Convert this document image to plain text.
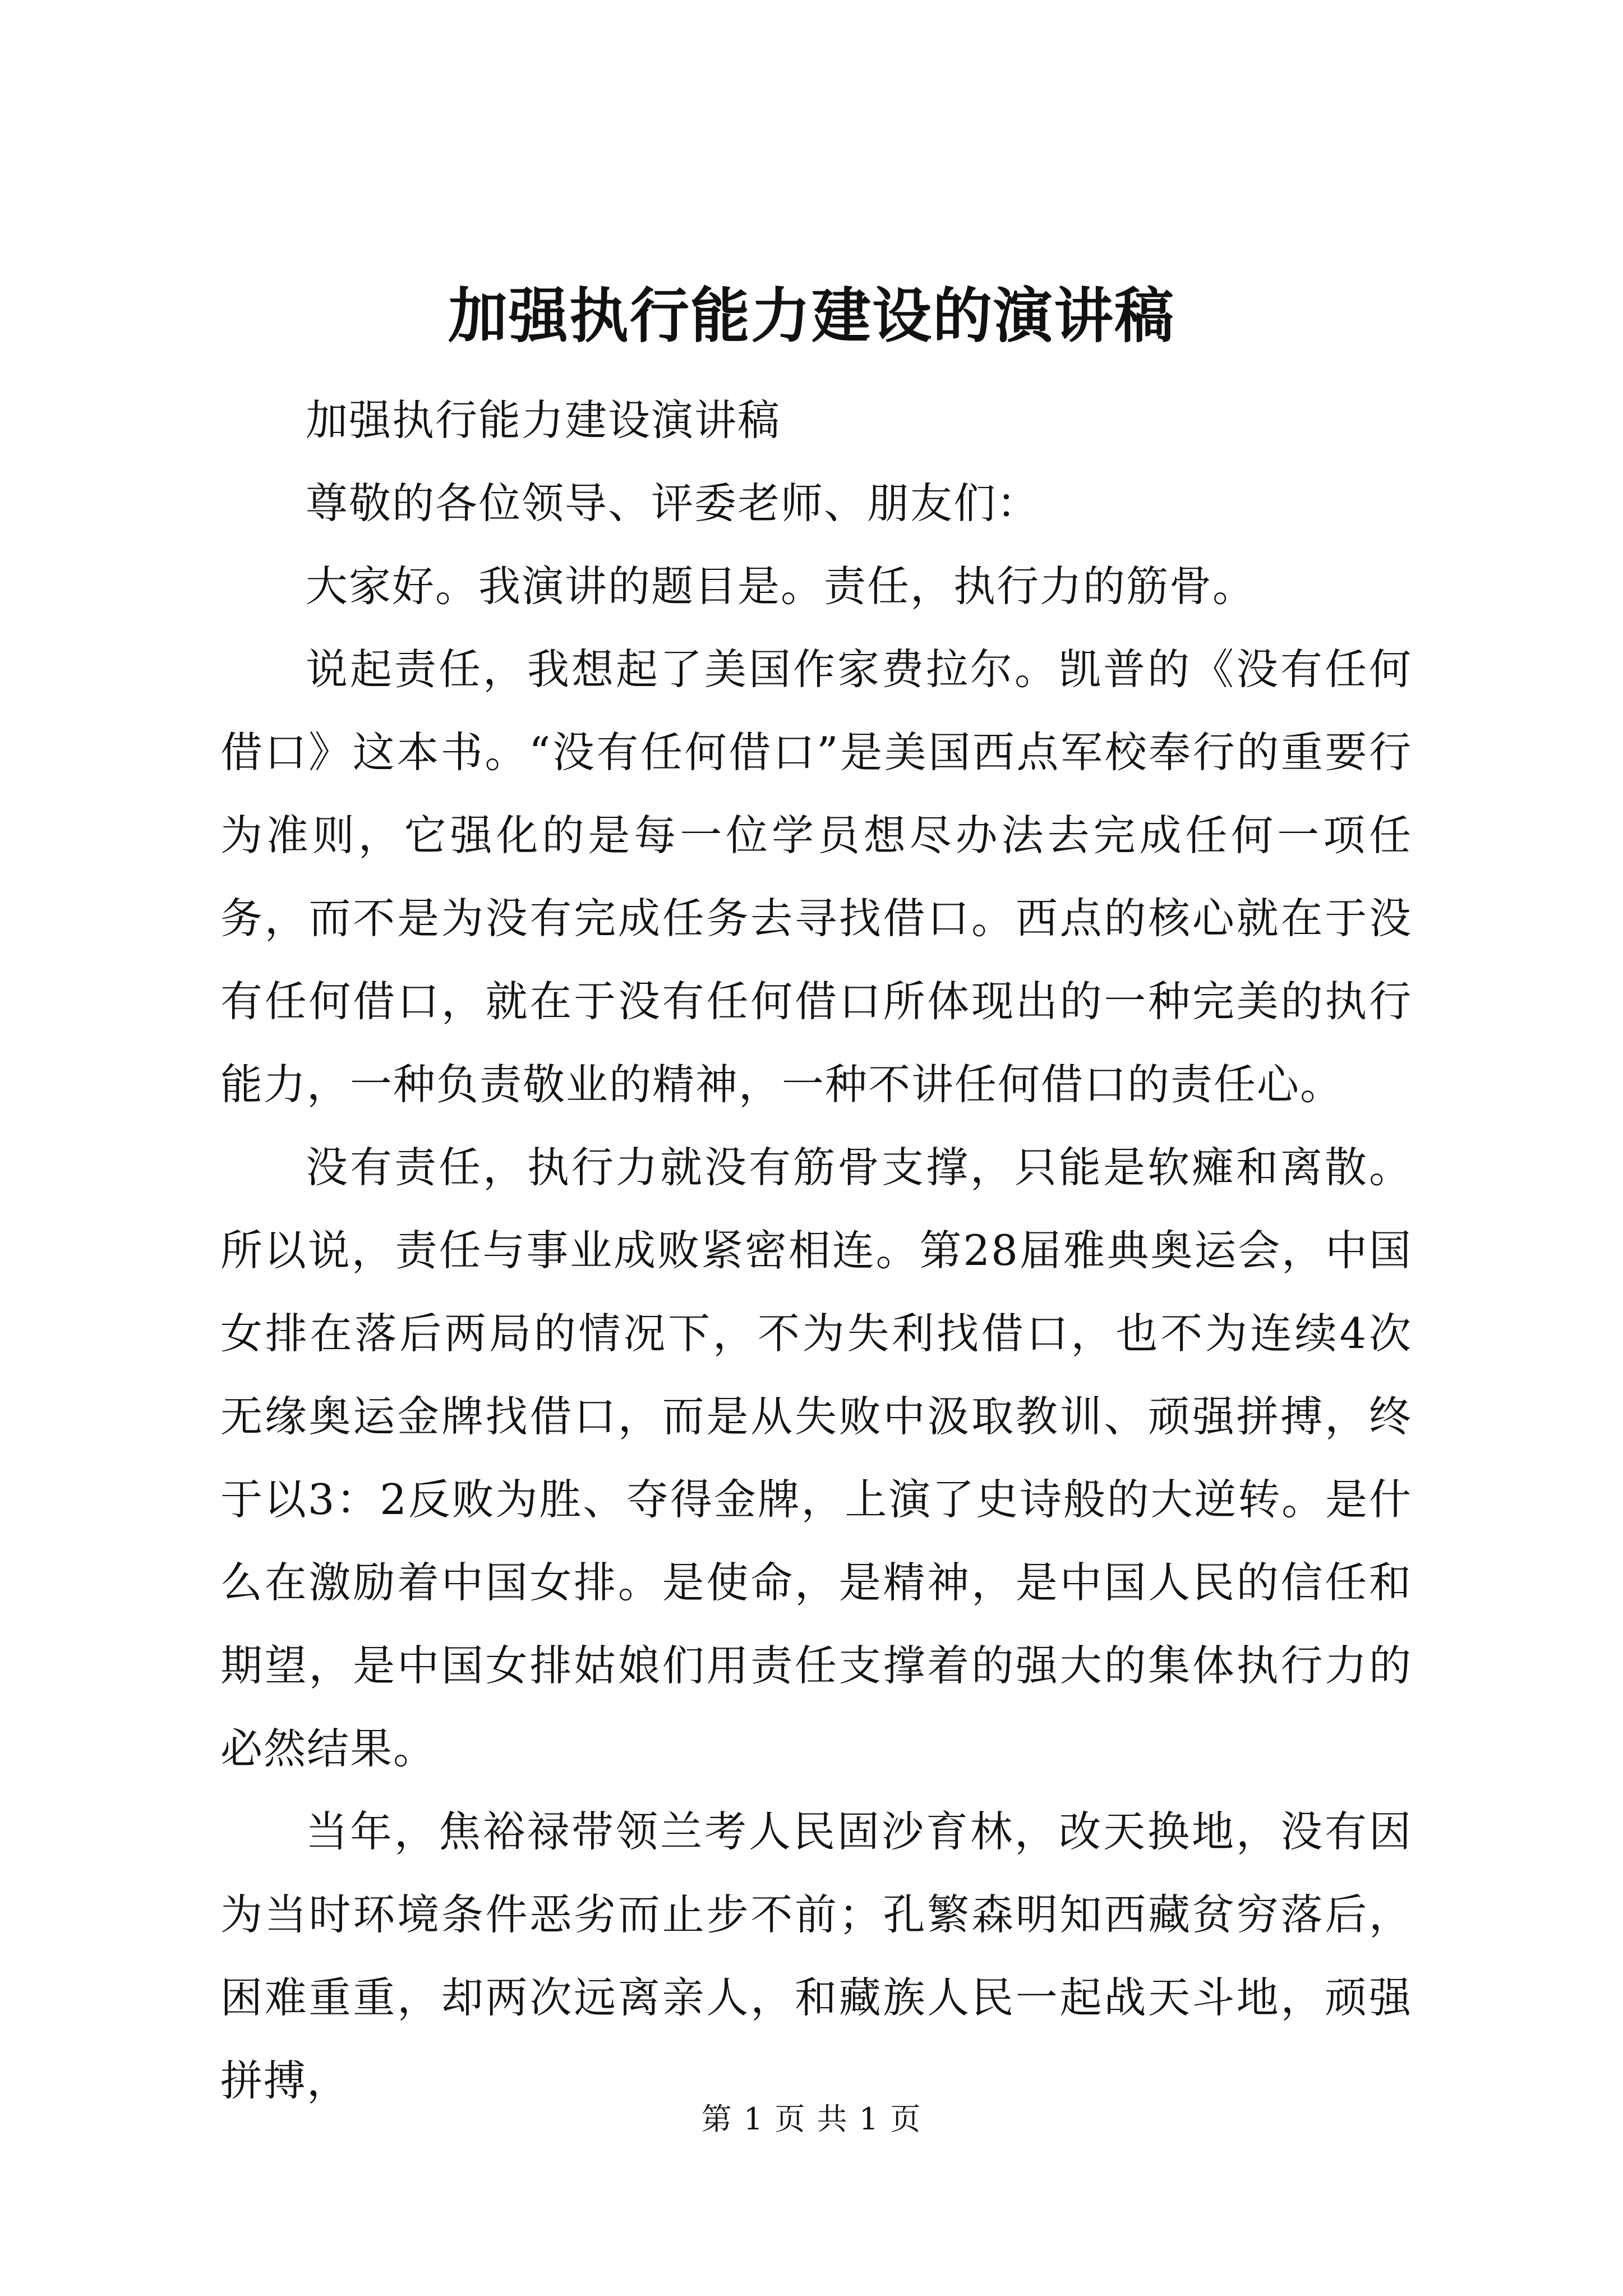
加强执行能力建设的演讲稿

加强执行能力建设演讲稿

尊敬的各位领导、评委老师、朋友们：

大家好。我演讲的题目是。责任，执行力的筋骨。

说起责任，我想起了美国作家费拉尔。凯普的《没有任何借口》这本书。“没有任何借口”是美国西点军校奉行的重要行为准则，它强化的是每一位学员想尽办法去完成任何一项任务，而不是为没有完成任务去寻找借口。西点的核心就在于没有任何借口，就在于没有任何借口所体现出的一种完美的执行能力，一种负责敬业的精神，一种不讲任何借口的责任心。

没有责任，执行力就没有筋骨支撑，只能是软瘫和离散。所以说，责任与事业成败紧密相连。第28届雅典奥运会，中国女排在落后两局的情况下，不为失利找借口，也不为连续4次无缘奥运金牌找借口，而是从失败中汲取教训、顽强拼搏，终于以3：2反败为胜、夺得金牌，上演了史诗般的大逆转。是什么在激励着中国女排。是使命，是精神，是中国人民的信任和期望，是中国女排姑娘们用责任支撑着的强大的集体执行力的必然结果。

当年，焦裕禄带领兰考人民固沙育林，改天换地，没有因为当时环境条件恶劣而止步不前；孔繁森明知西藏贫穷落后，困难重重，却两次远离亲人，和藏族人民一起战天斗地，顽强拼搏，

第 1 页 共 1 页
